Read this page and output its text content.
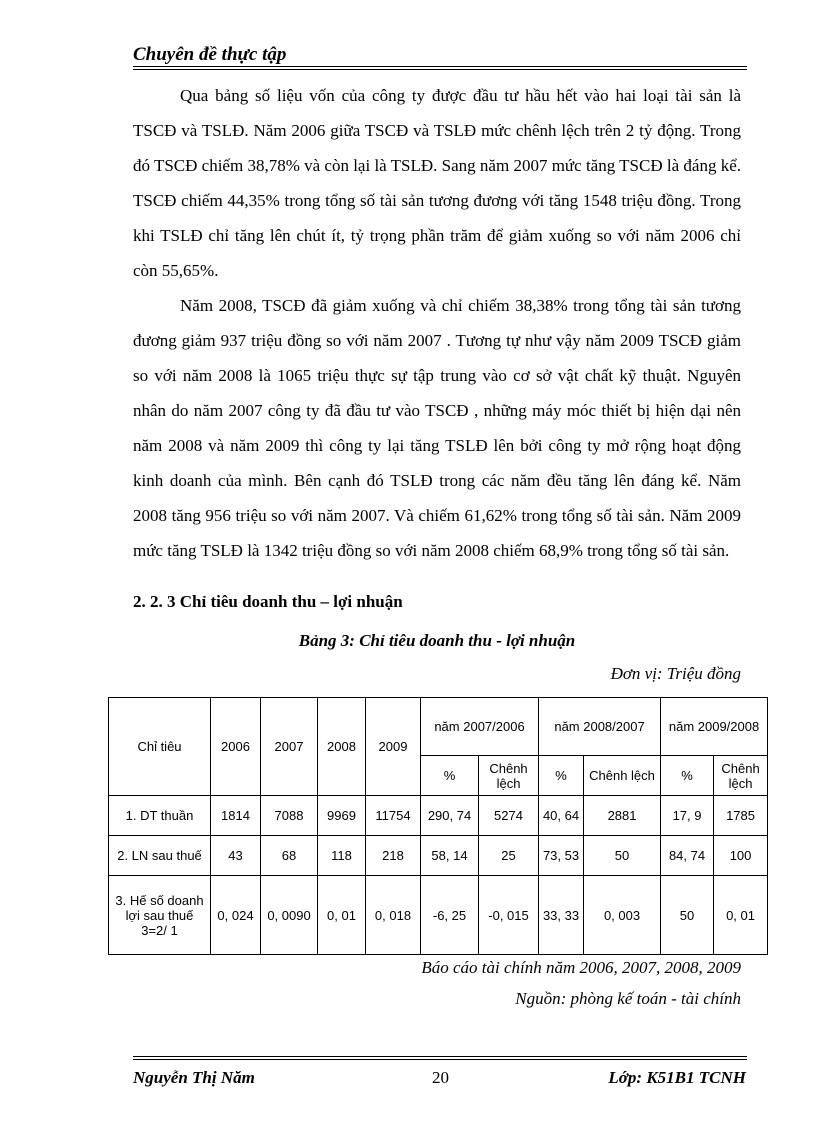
Chuyên đề thực tập

Qua bảng số liệu vốn của công ty được đầu tư hầu hết vào hai loại tài sản là TSCĐ và TSLĐ. Năm 2006 giữa TSCĐ và TSLĐ mức chênh lệch trên 2 tỷ động. Trong đó TSCĐ chiếm 38,78% và còn lại là TSLĐ. Sang năm 2007 mức tăng TSCĐ là đáng kể. TSCĐ chiếm 44,35% trong tổng số tài sản tương đương với tăng 1548 triệu đồng. Trong khi TSLĐ chỉ tăng lên chút ít, tỷ trọng phần trăm để giảm xuống so với năm 2006 chỉ còn 55,65%.

Năm 2008, TSCĐ đã giảm xuống và chỉ chiếm 38,38% trong tổng tài sản tương đương giảm 937 triệu đồng so với năm 2007 . Tương tự như vậy năm 2009 TSCĐ giảm so với năm 2008 là 1065 triệu thực sự tập trung vào cơ sở vật chất kỹ thuật. Nguyên nhân do năm 2007 công ty đã đầu tư vào TSCĐ , những máy móc thiết bị hiện dại nên năm 2008 và năm 2009 thì công ty lại tăng TSLĐ lên bởi công ty mở rộng hoạt động kinh doanh của mình. Bên cạnh đó TSLĐ trong các năm đều tăng lên đáng kể. Năm 2008 tăng 956 triệu so với năm 2007. Và chiếm 61,62% trong tổng số tài sản. Năm 2009 mức tăng TSLĐ là 1342 triệu đồng so với năm 2008 chiếm 68,9% trong tổng số tài sản.

2. 2. 3 Chỉ tiêu doanh thu – lợi nhuận
Bảng 3: Chỉ tiêu doanh thu - lợi nhuận
Đơn vị: Triệu đồng
Chỉ tiêu	2006	2007	2008	2009	năm 2007/2006		năm 2008/2007		năm 2009/2008	
					%	Chênh lệch	%	Chênh lệch	%	Chênh lệch
1. DT thuần	1814	7088	9969	11754	290, 74	5274	40, 64	2881	17, 9	1785
2. LN sau thuế	43	68	118	218	58, 14	25	73, 53	50	84, 74	100
3. Hế số doanh lợi sau thuế 3=2/ 1	0, 024	0, 0090	0, 01	0, 018	-6, 25	-0, 015	33, 33	0, 003	50	0, 01
Báo cáo tài chính năm 2006, 2007, 2008, 2009
Nguồn: phòng kế toán - tài chính
Nguyễn Thị Năm	20	Lớp: K51B1 TCNH
